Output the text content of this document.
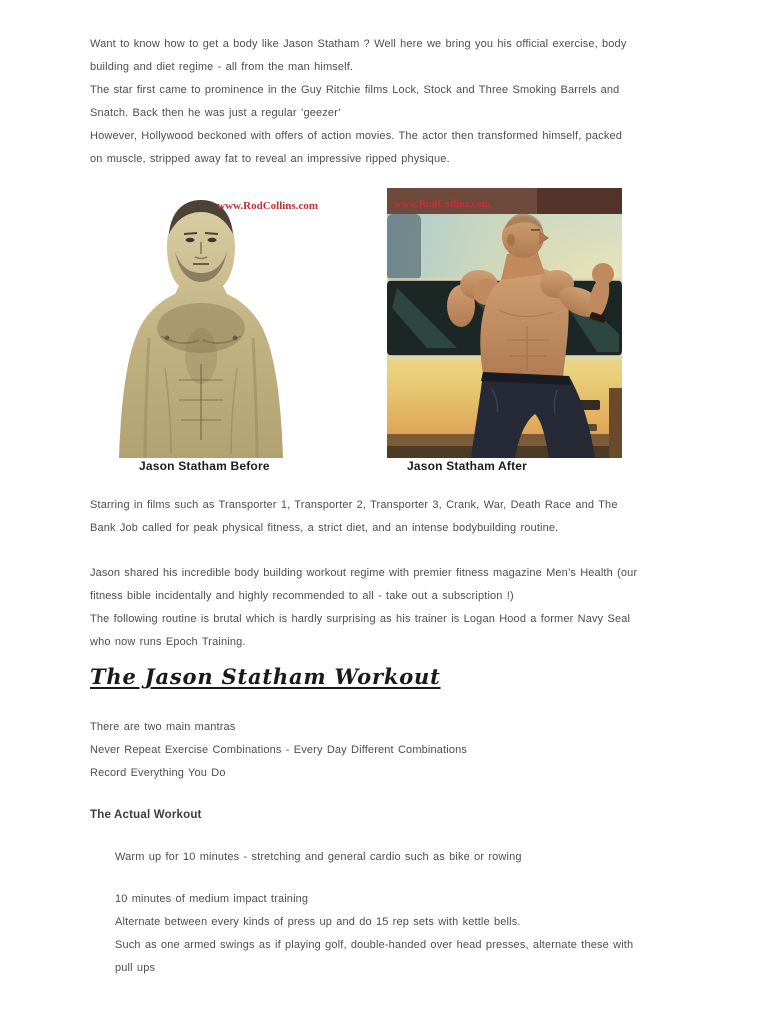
Want to know how to get a body like Jason Statham ? Well here we bring you his official exercise, body
building and diet regime - all from the man himself.
The star first came to prominence in the Guy Ritchie films Lock, Stock and Three Smoking Barrels and
Snatch. Back then he was just a regular ’geezer’
However, Hollywood beckoned with offers of action movies. The actor then transformed himself, packed
on muscle, stripped away fat to reveal an impressive ripped physique.
www.RodCollins.com	www.RodCollins.com
Jason Statham Before	Jason Statham After
Starring in films such as Transporter 1, Transporter 2, Transporter 3, Crank, War, Death Race and The
Bank Job called for peak physical fitness, a strict diet, and an intense bodybuilding routine.
Jason shared his incredible body building workout regime with premier fitness magazine Men’s Health (our
fitness bible incidentally and highly recommended to all - take out a subscription !)
The following routine is brutal which is hardly surprising as his trainer is Logan Hood a former Navy Seal
who now runs Epoch Training.
The Jason Statham Workout
There are two main mantras
Never Repeat Exercise Combinations - Every Day Different Combinations
Record Everything You Do
The Actual Workout
Warm up for 10 minutes - stretching and general cardio such as bike or rowing
10 minutes of medium impact training
Alternate between every kinds of press up and do 15 rep sets with kettle bells.
Such as one armed swings as if playing golf, double-handed over head presses, alternate these with
pull ups
